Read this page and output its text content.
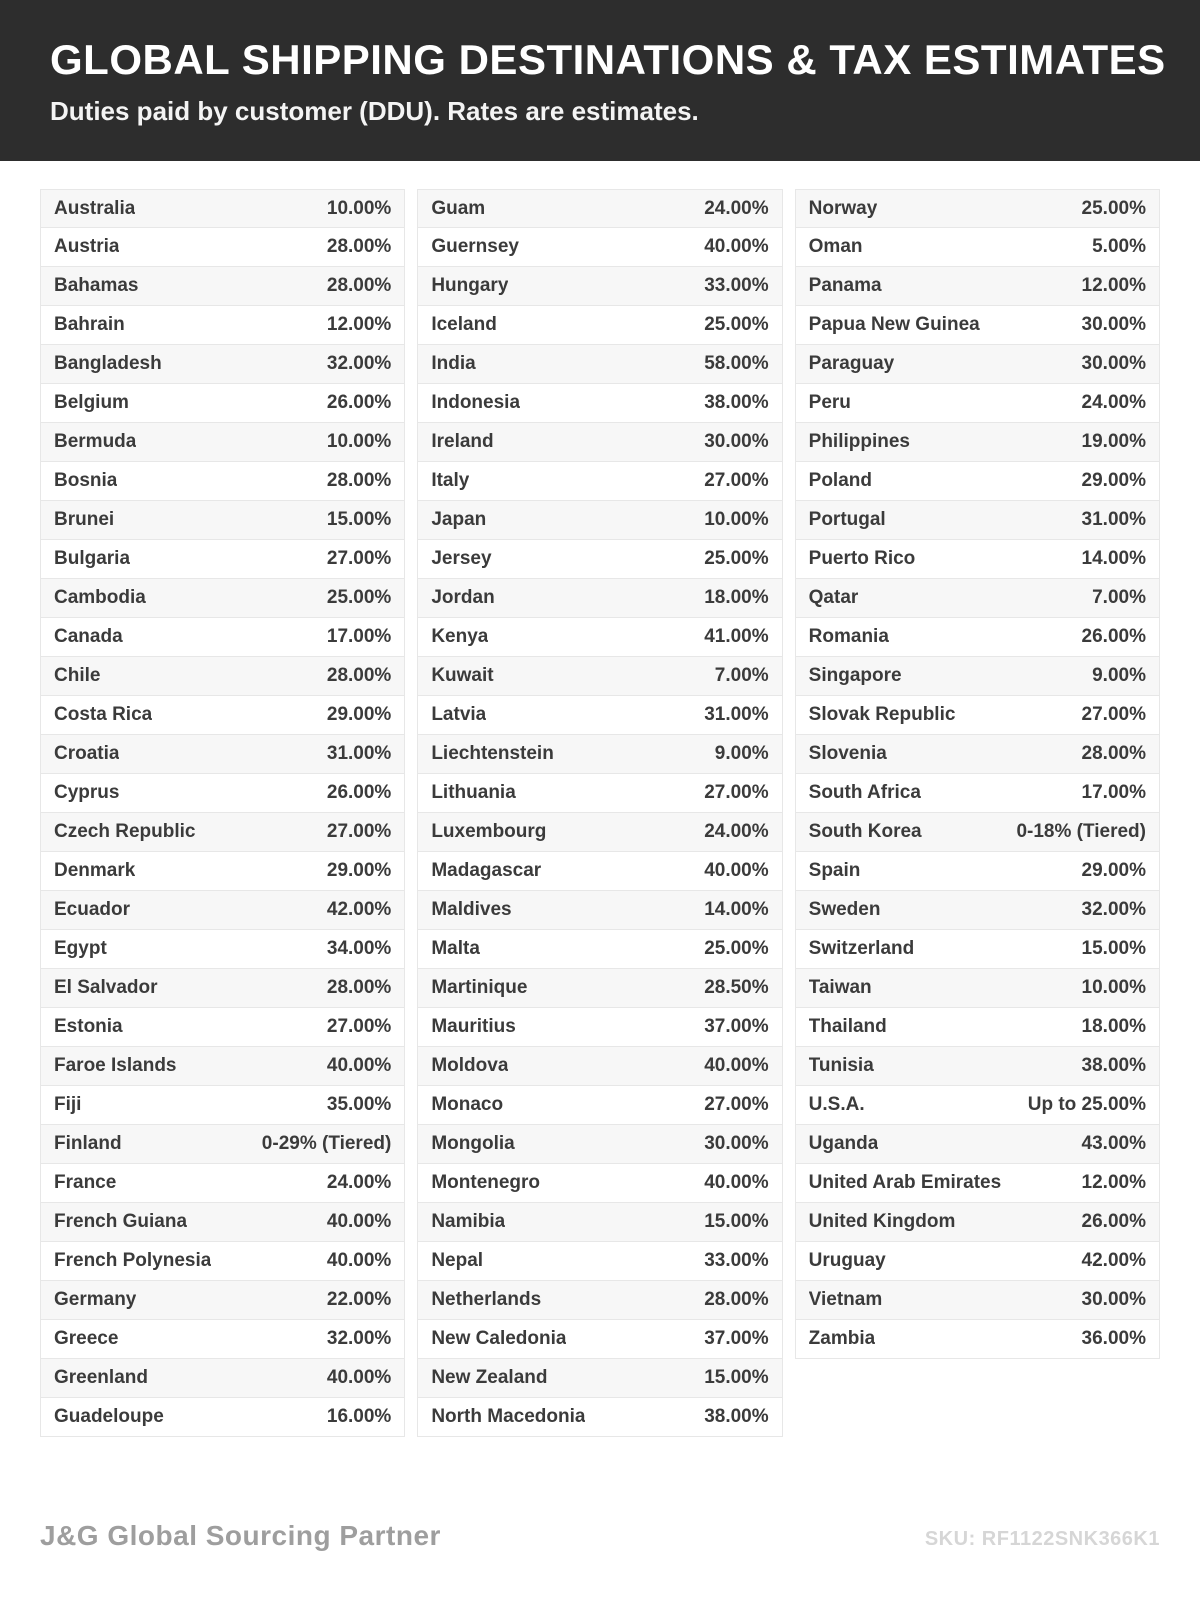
GLOBAL SHIPPING DESTINATIONS & TAX ESTIMATES

Duties paid by customer (DDU). Rates are estimates.

Australia	10.00%
Austria	28.00%
Bahamas	28.00%
Bahrain	12.00%
Bangladesh	32.00%
Belgium	26.00%
Bermuda	10.00%
Bosnia	28.00%
Brunei	15.00%
Bulgaria	27.00%
Cambodia	25.00%
Canada	17.00%
Chile	28.00%
Costa Rica	29.00%
Croatia	31.00%
Cyprus	26.00%
Czech Republic	27.00%
Denmark	29.00%
Ecuador	42.00%
Egypt	34.00%
El Salvador	28.00%
Estonia	27.00%
Faroe Islands	40.00%
Fiji	35.00%
Finland	0-29% (Tiered)
France	24.00%
French Guiana	40.00%
French Polynesia	40.00%
Germany	22.00%
Greece	32.00%
Greenland	40.00%
Guadeloupe	16.00%
Guam	24.00%
Guernsey	40.00%
Hungary	33.00%
Iceland	25.00%
India	58.00%
Indonesia	38.00%
Ireland	30.00%
Italy	27.00%
Japan	10.00%
Jersey	25.00%
Jordan	18.00%
Kenya	41.00%
Kuwait	7.00%
Latvia	31.00%
Liechtenstein	9.00%
Lithuania	27.00%
Luxembourg	24.00%
Madagascar	40.00%
Maldives	14.00%
Malta	25.00%
Martinique	28.50%
Mauritius	37.00%
Moldova	40.00%
Monaco	27.00%
Mongolia	30.00%
Montenegro	40.00%
Namibia	15.00%
Nepal	33.00%
Netherlands	28.00%
New Caledonia	37.00%
New Zealand	15.00%
North Macedonia	38.00%
Norway	25.00%
Oman	5.00%
Panama	12.00%
Papua New Guinea	30.00%
Paraguay	30.00%
Peru	24.00%
Philippines	19.00%
Poland	29.00%
Portugal	31.00%
Puerto Rico	14.00%
Qatar	7.00%
Romania	26.00%
Singapore	9.00%
Slovak Republic	27.00%
Slovenia	28.00%
South Africa	17.00%
South Korea	0-18% (Tiered)
Spain	29.00%
Sweden	32.00%
Switzerland	15.00%
Taiwan	10.00%
Thailand	18.00%
Tunisia	38.00%
U.S.A.	Up to 25.00%
Uganda	43.00%
United Arab Emirates	12.00%
United Kingdom	26.00%
Uruguay	42.00%
Vietnam	30.00%
Zambia	36.00%
J&G Global Sourcing Partner	SKU: RF1122SNK366K1
